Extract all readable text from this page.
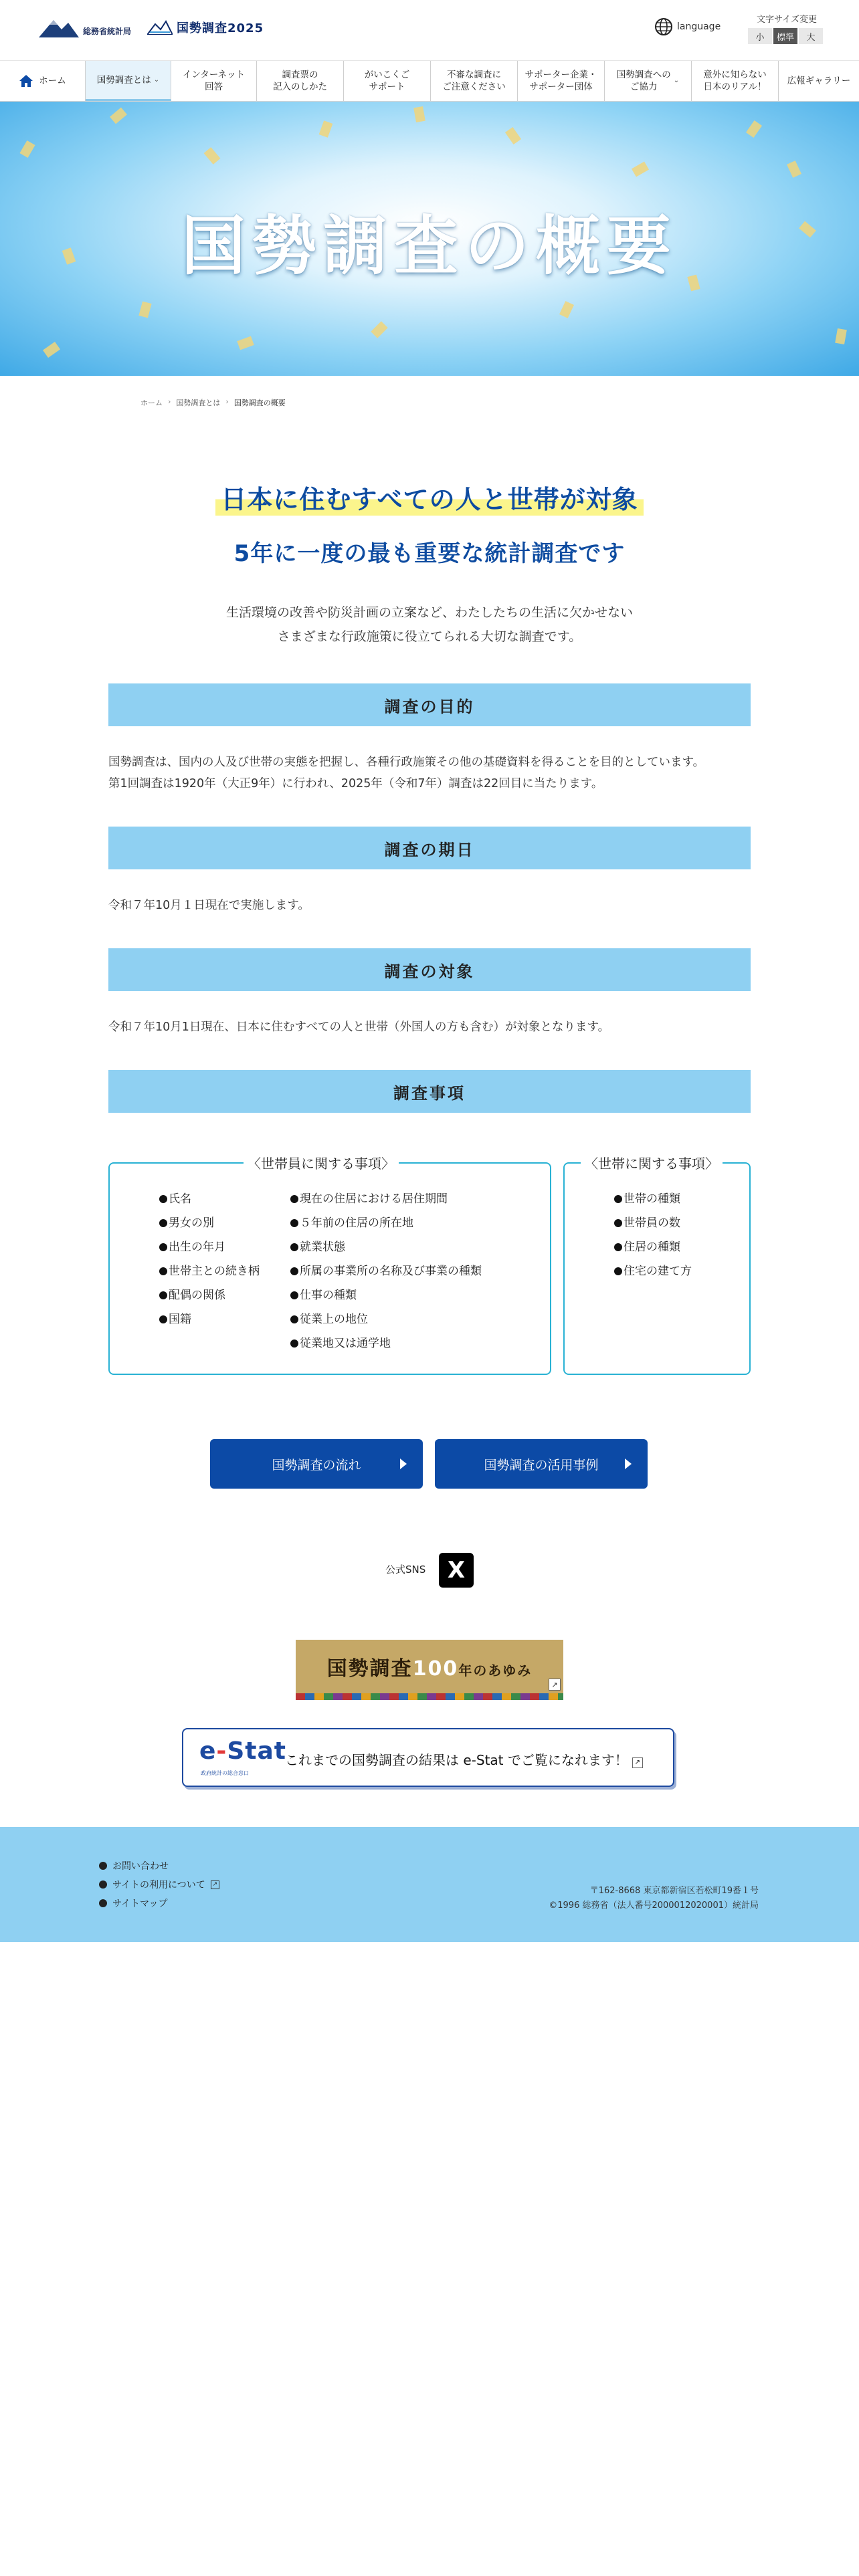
総務省統計局	国勢調査2025	language
文字サイズ変更
小	標準	大
ホーム	国勢調査とは ⌄	インターネット
回答
調査票の
記入のしかた
がいこくご
サポート
不審な調査に
ご注意ください
サポーター企業・
サポーター団体
国勢調査への
ご協力
⌄
意外に知らない
日本のリアル！
広報ギャラリー
国勢調査の概要
ホーム › 国勢調査とは › 国勢調査の概要
日本に住むすべての人と世帯が対象
5年に一度の最も重要な統計調査です
生活環境の改善や防災計画の立案など、わたしたちの生活に欠かせない
さまざまな行政施策に役立てられる大切な調査です。
調査の目的
国勢調査は、国内の人及び世帯の実態を把握し、各種行政施策その他の基礎資料を得ることを目的としています。
第1回調査は1920年（大正9年）に行われ、2025年（令和7年）調査は22回目に当たります。
調査の期日
令和７年10月１日現在で実施します。
調査の対象
令和７年10月1日現在、日本に住むすべての人と世帯（外国人の方も含む）が対象となります。
調査事項
〈世帯員に関する事項〉
氏名
男女の別
出生の年月
世帯主との続き柄
配偶の関係
国籍
現在の住居における居住期間
５年前の住居の所在地
就業状態
所属の事業所の名称及び事業の種類
仕事の種類
従業上の地位
従業地又は通学地
〈世帯に関する事項〉
世帯の種類
世帯員の数
住居の種類
住宅の建て方
国勢調査の流れ	国勢調査の活用事例
公式SNS X
国勢調査100年のあゆみ
↗
e-Stat
政府統計の総合窓口
これまでの国勢調査の結果は e-Stat でご覧になれます！ ↗
お問い合わせ
サイトの利用について	↗
サイトマップ
〒162-8668 東京都新宿区若松町19番１号
©1996 総務省（法人番号2000012020001）統計局
